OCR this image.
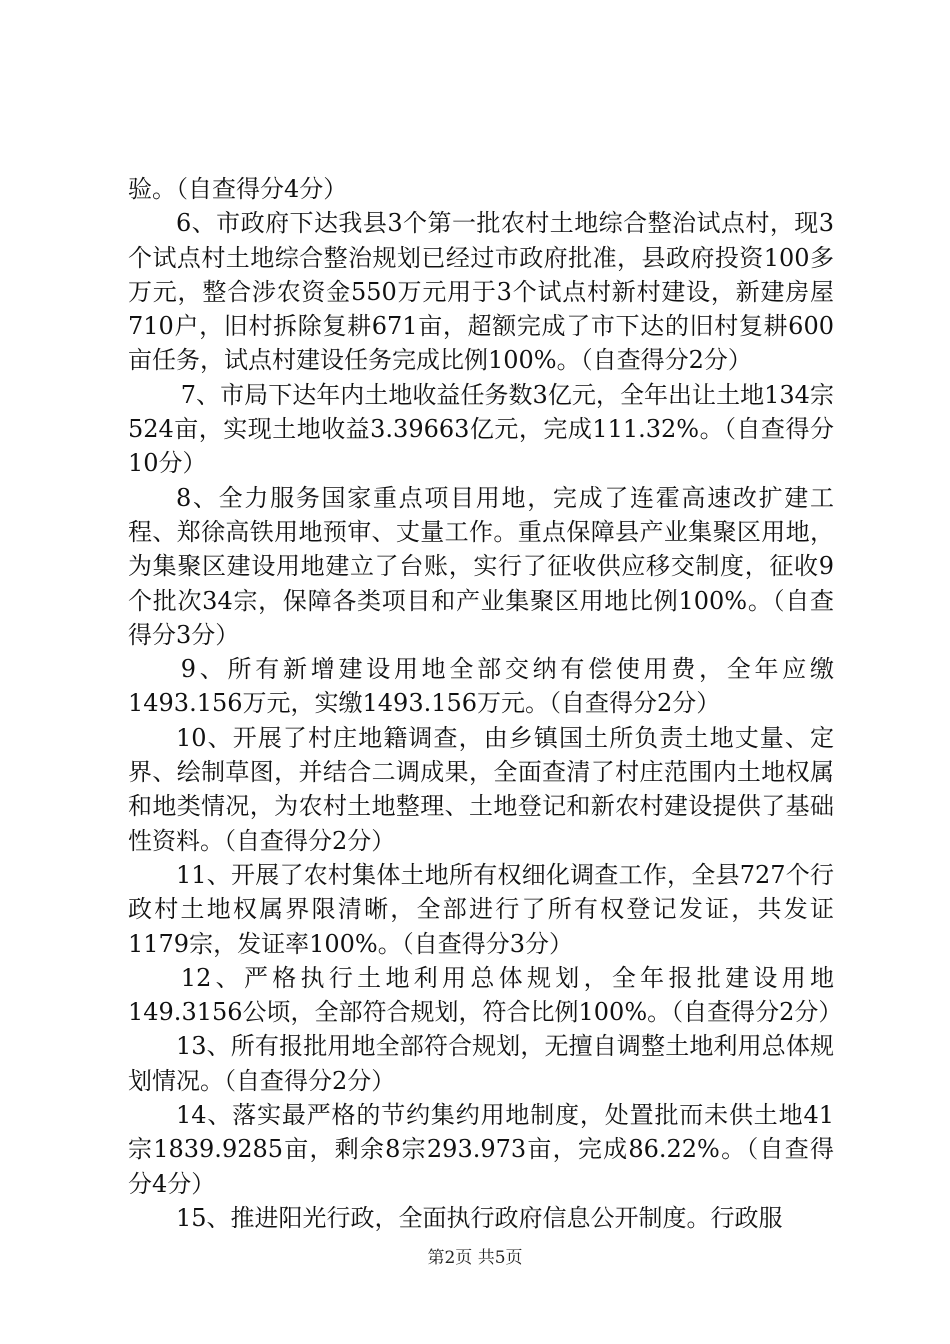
验。（自查得分4分）

6、市政府下达我县3个第一批农村土地综合整治试点村，现3个试点村土地综合整治规划已经过市政府批准，县政府投资100多万元，整合涉农资金550万元用于3个试点村新村建设，新建房屋710户，旧村拆除复耕671亩，超额完成了市下达的旧村复耕600亩任务，试点村建设任务完成比例100%。（自查得分2分）

7、市局下达年内土地收益任务数3亿元，全年出让土地134宗524亩，实现土地收益3.39663亿元，完成111.32%。（自查得分10分）

8、全力服务国家重点项目用地，完成了连霍高速改扩建工程、郑徐高铁用地预审、丈量工作。重点保障县产业集聚区用地，为集聚区建设用地建立了台账，实行了征收供应移交制度，征收9个批次34宗，保障各类项目和产业集聚区用地比例100%。（自查得分3分）

9、所有新增建设用地全部交纳有偿使用费，全年应缴1493.156万元，实缴1493.156万元。（自查得分2分）

10、开展了村庄地籍调查，由乡镇国土所负责土地丈量、定界、绘制草图，并结合二调成果，全面查清了村庄范围内土地权属和地类情况，为农村土地整理、土地登记和新农村建设提供了基础性资料。（自查得分2分）

11、开展了农村集体土地所有权细化调查工作，全县727个行政村土地权属界限清晰，全部进行了所有权登记发证，共发证1179宗，发证率100%。（自查得分3分）

12、严格执行土地利用总体规划，全年报批建设用地149.3156公顷，全部符合规划，符合比例100%。（自查得分2分）

13、所有报批用地全部符合规划，无擅自调整土地利用总体规划情况。（自查得分2分）

14、落实最严格的节约集约用地制度，处置批而未供土地41宗1839.9285亩，剩余8宗293.973亩，完成86.22%。（自查得分4分）

15、推进阳光行政，全面执行政府信息公开制度。行政服

第2页 共5页
